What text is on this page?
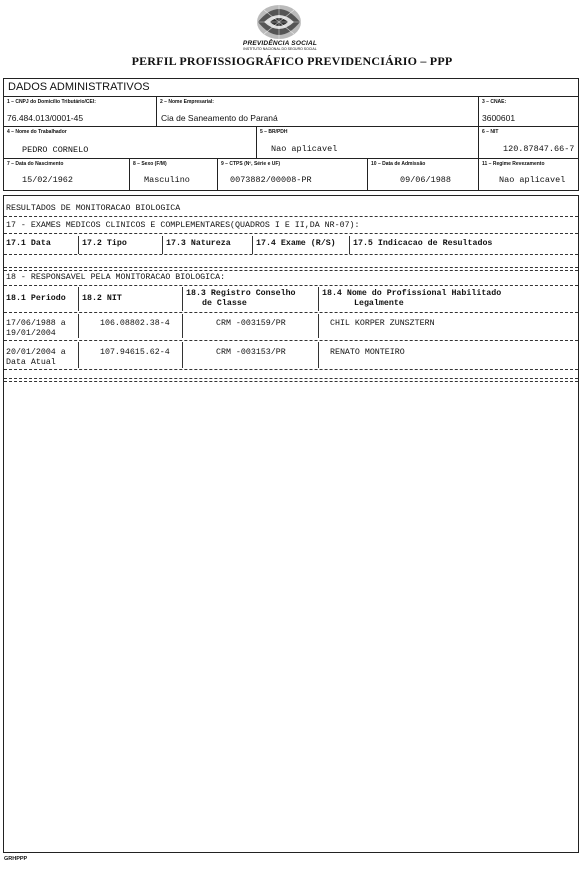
PREVIDÊNCIA SOCIAL
INSTITUTO NACIONAL DO SEGURO SOCIAL
PERFIL PROFISSIOGRÁFICO PREVIDENCIÁRIO – PPP
DADOS ADMINISTRATIVOS
1 – CNPJ do Domicílio Tributário/CEI:
76.484.013/0001-45
2 – Nome Empresarial:
Cia de Saneamento do Paraná
3 – CNAE:
3600601
4 – Nome do Trabalhador
PEDRO CORNELO
5 – BR/PDH
Nao aplicavel
6 – NIT
120.87847.66-7
7 – Data do Nascimento
15/02/1962
8 – Sexo (F/M)
Masculino
9 – CTPS (Nº, Série e UF)
0073882/00008-PR
10 – Data de Admissão
09/06/1988
11 – Regime Revezamento
Nao aplicavel
RESULTADOS DE MONITORACAO BIOLOGICA
17 - EXAMES MEDICOS CLINICOS E COMPLEMENTARES(QUADROS I E II,DA NR-07):
17.1 Data	17.2 Tipo	17.3 Natureza	17.4 Exame (R/S) 17.5 Indicacao de Resultados
18 - RESPONSAVEL PELA MONITORACAO BIOLOGICA:
18.1 Periodo 18.2 NIT
18.3 Registro Conselho
de Classe
18.4 Nome do Profissional Habilitado
Legalmente
17/06/1988 a
19/01/2004
106.08802.38-4	CRM -003159/PR	CHIL KORPER ZUNSZTERN
20/01/2004 a
Data Atual
107.94615.62-4	CRM -003153/PR	RENATO MONTEIRO
GRHPPP
